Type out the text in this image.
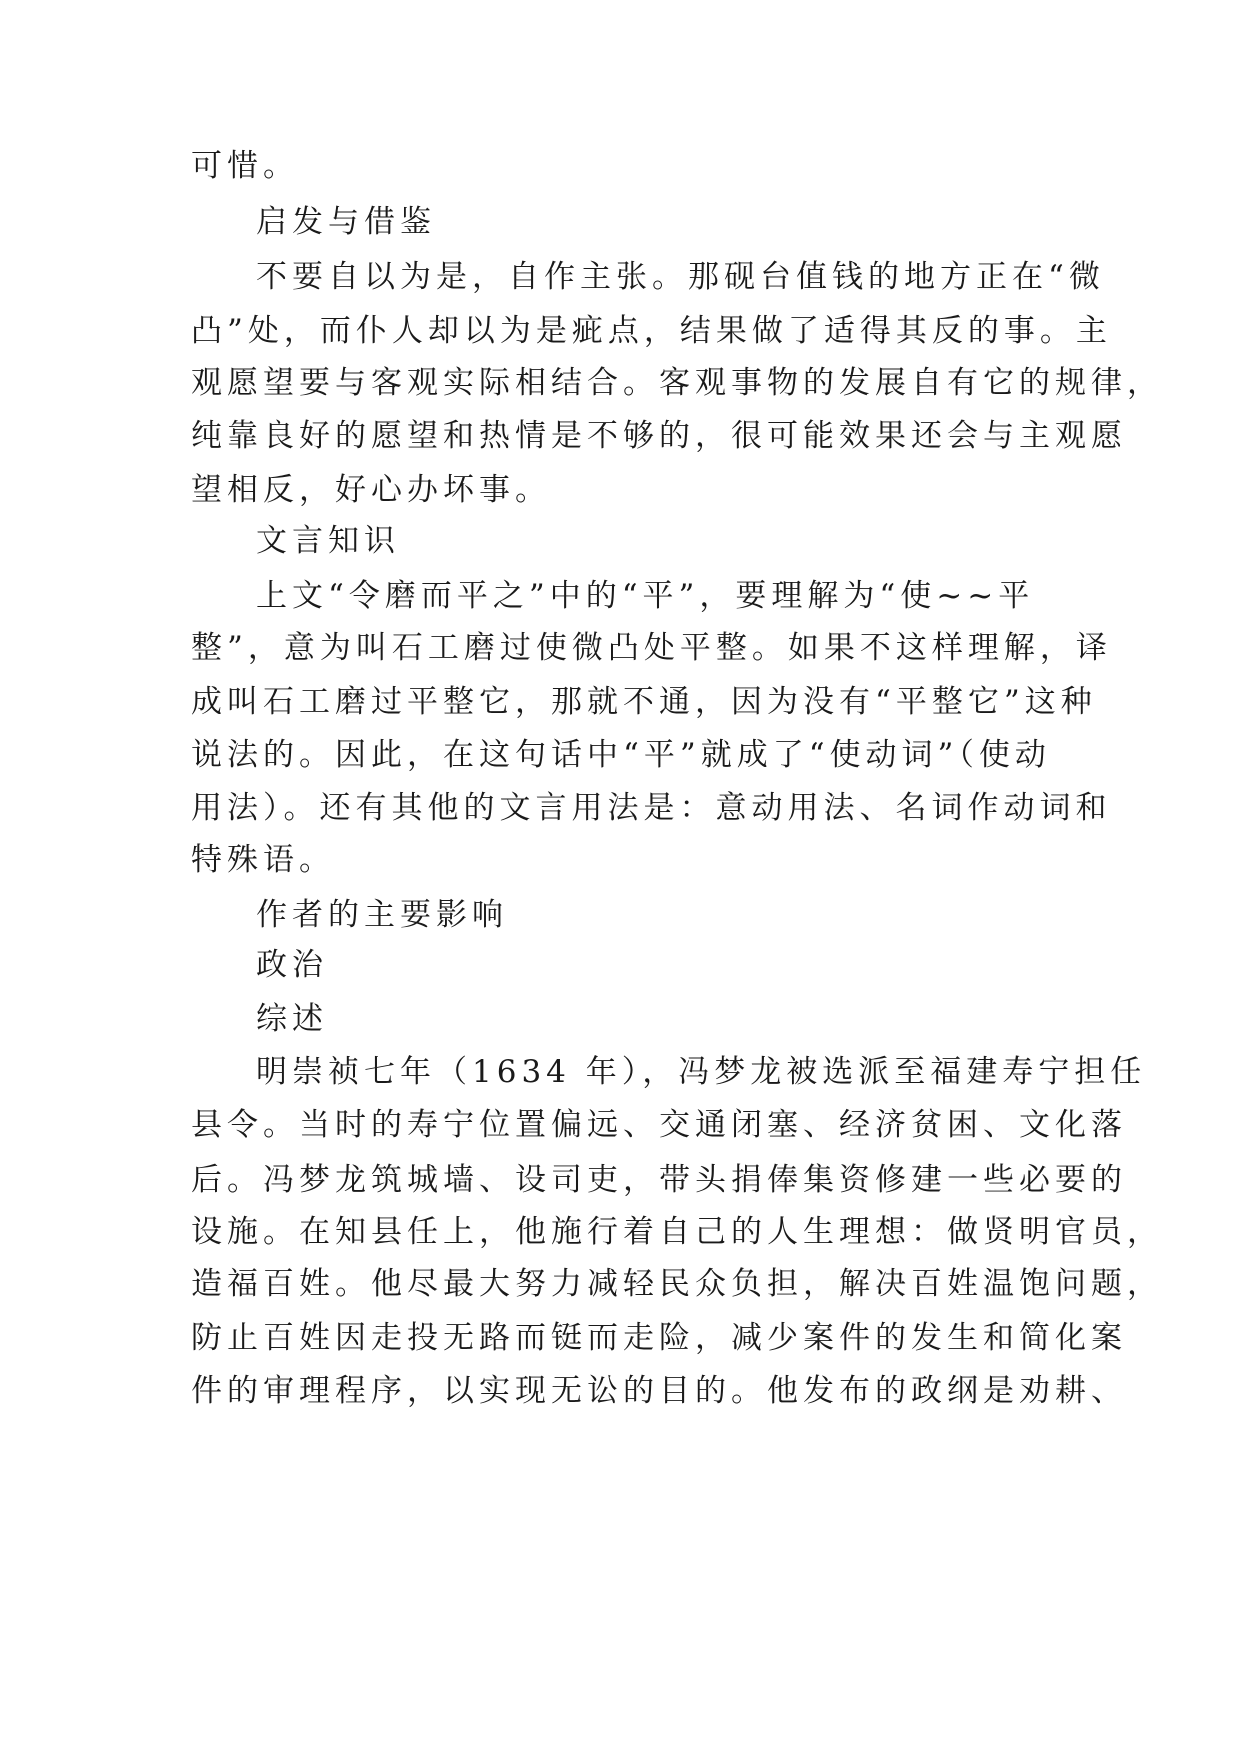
可惜。

启发与借鉴

不要自以为是，自作主张。那砚台值钱的地方正在“微

凸”处，而仆人却以为是疵点，结果做了适得其反的事。主

观愿望要与客观实际相结合。客观事物的发展自有它的规律，

纯靠良好的愿望和热情是不够的，很可能效果还会与主观愿

望相反，好心办坏事。

文言知识

上文“令磨而平之”中的“平”，要理解为“使~~平

整”，意为叫石工磨过使微凸处平整。如果不这样理解，译

成叫石工磨过平整它，那就不通，因为没有“平整它”这种

说法的。因此，在这句话中“平”就成了“使动词”（使动

用法）。还有其他的文言用法是：意动用法、名词作动词和

特殊语。

作者的主要影响

政治

综述

明崇祯七年（1634 年），冯梦龙被选派至福建寿宁担任

县令。当时的寿宁位置偏远、交通闭塞、经济贫困、文化落

后。冯梦龙筑城墙、设司吏，带头捐俸集资修建一些必要的

设施。在知县任上，他施行着自己的人生理想：做贤明官员，

造福百姓。他尽最大努力减轻民众负担，解决百姓温饱问题，

防止百姓因走投无路而铤而走险，减少案件的发生和简化案

件的审理程序，以实现无讼的目的。他发布的政纲是劝耕、
